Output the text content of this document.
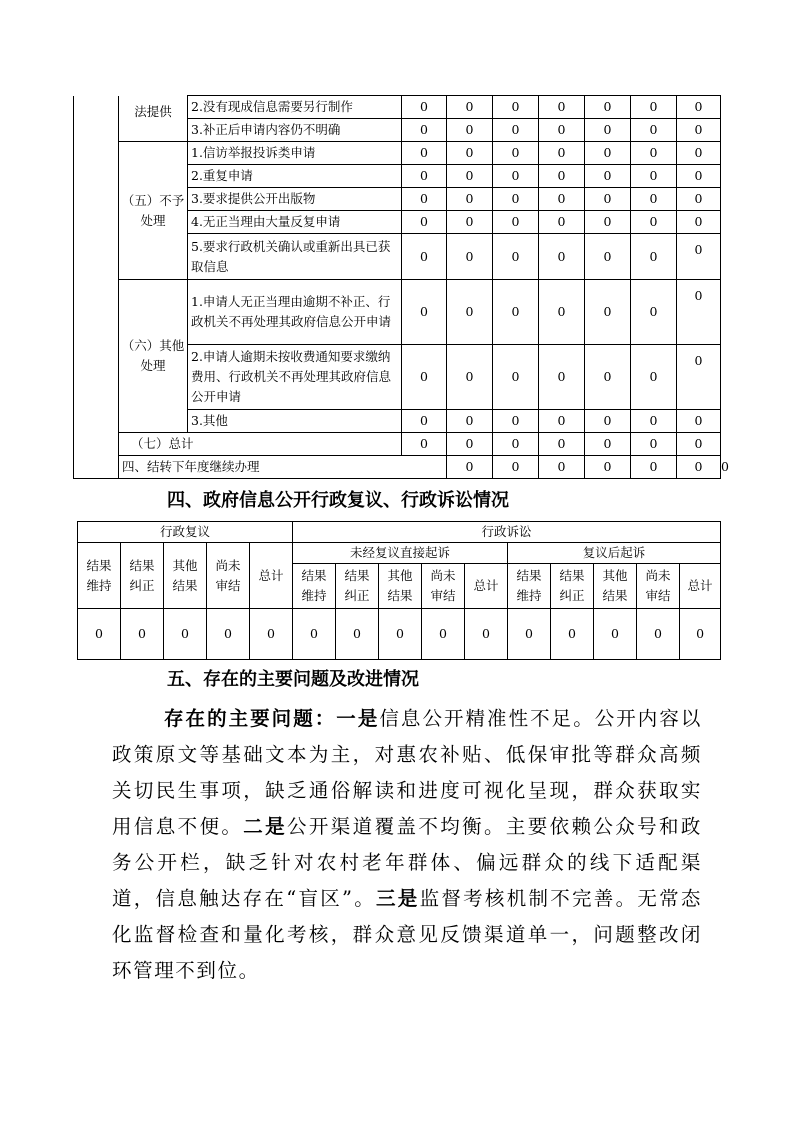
	法提供	2.没有现成信息需要另行制作	0	0	0	0	0	0	0	
		3.补正后申请内容仍不明确	0	0	0	0	0	0	0	
	（五）不予处理	1.信访举报投诉类申请	0	0	0	0	0	0	0	
		2.重复申请	0	0	0	0	0	0	0	
		3.要求提供公开出版物	0	0	0	0	0	0	0	
		4.无正当理由大量反复申请	0	0	0	0	0	0	0	
		5.要求行政机关确认或重新出具已获取信息	0	0	0	0	0	0	0	
	（六）其他处理	1.申请人无正当理由逾期不补正、行政机关不再处理其政府信息公开申请	0	0	0	0	0	0	0	
		2.申请人逾期未按收费通知要求缴纳费用、行政机关不再处理其政府信息公开申请	0	0	0	0	0	0	0	
		3.其他	0	0	0	0	0	0	0	
	（七）总计		0	0	0	0	0	0	0	
	四、结转下年度继续办理			0	0	0	0	0	0	0
四、政府信息公开行政复议、行政诉讼情况
行政复议					行政诉讼									
结果维持	结果纠正	其他结果	尚未审结	总计	未经复议直接起诉					复议后起诉				
					结果维持	结果纠正	其他结果	尚未审结	总计	结果维持	结果纠正	其他结果	尚未审结	总计
0	0	0	0	0	0	0	0	0	0	0	0	0	0	0
五、存在的主要问题及改进情况

存在的主要问题：一是信息公开精准性不足。公开内容以政策原文等基础文本为主，对惠农补贴、低保审批等群众高频关切民生事项，缺乏通俗解读和进度可视化呈现，群众获取实用信息不便。二是公开渠道覆盖不均衡。主要依赖公众号和政务公开栏，缺乏针对农村老年群体、偏远群众的线下适配渠道，信息触达存在“盲区”。三是监督考核机制不完善。无常态化监督检查和量化考核，群众意见反馈渠道单一，问题整改闭环管理不到位。
